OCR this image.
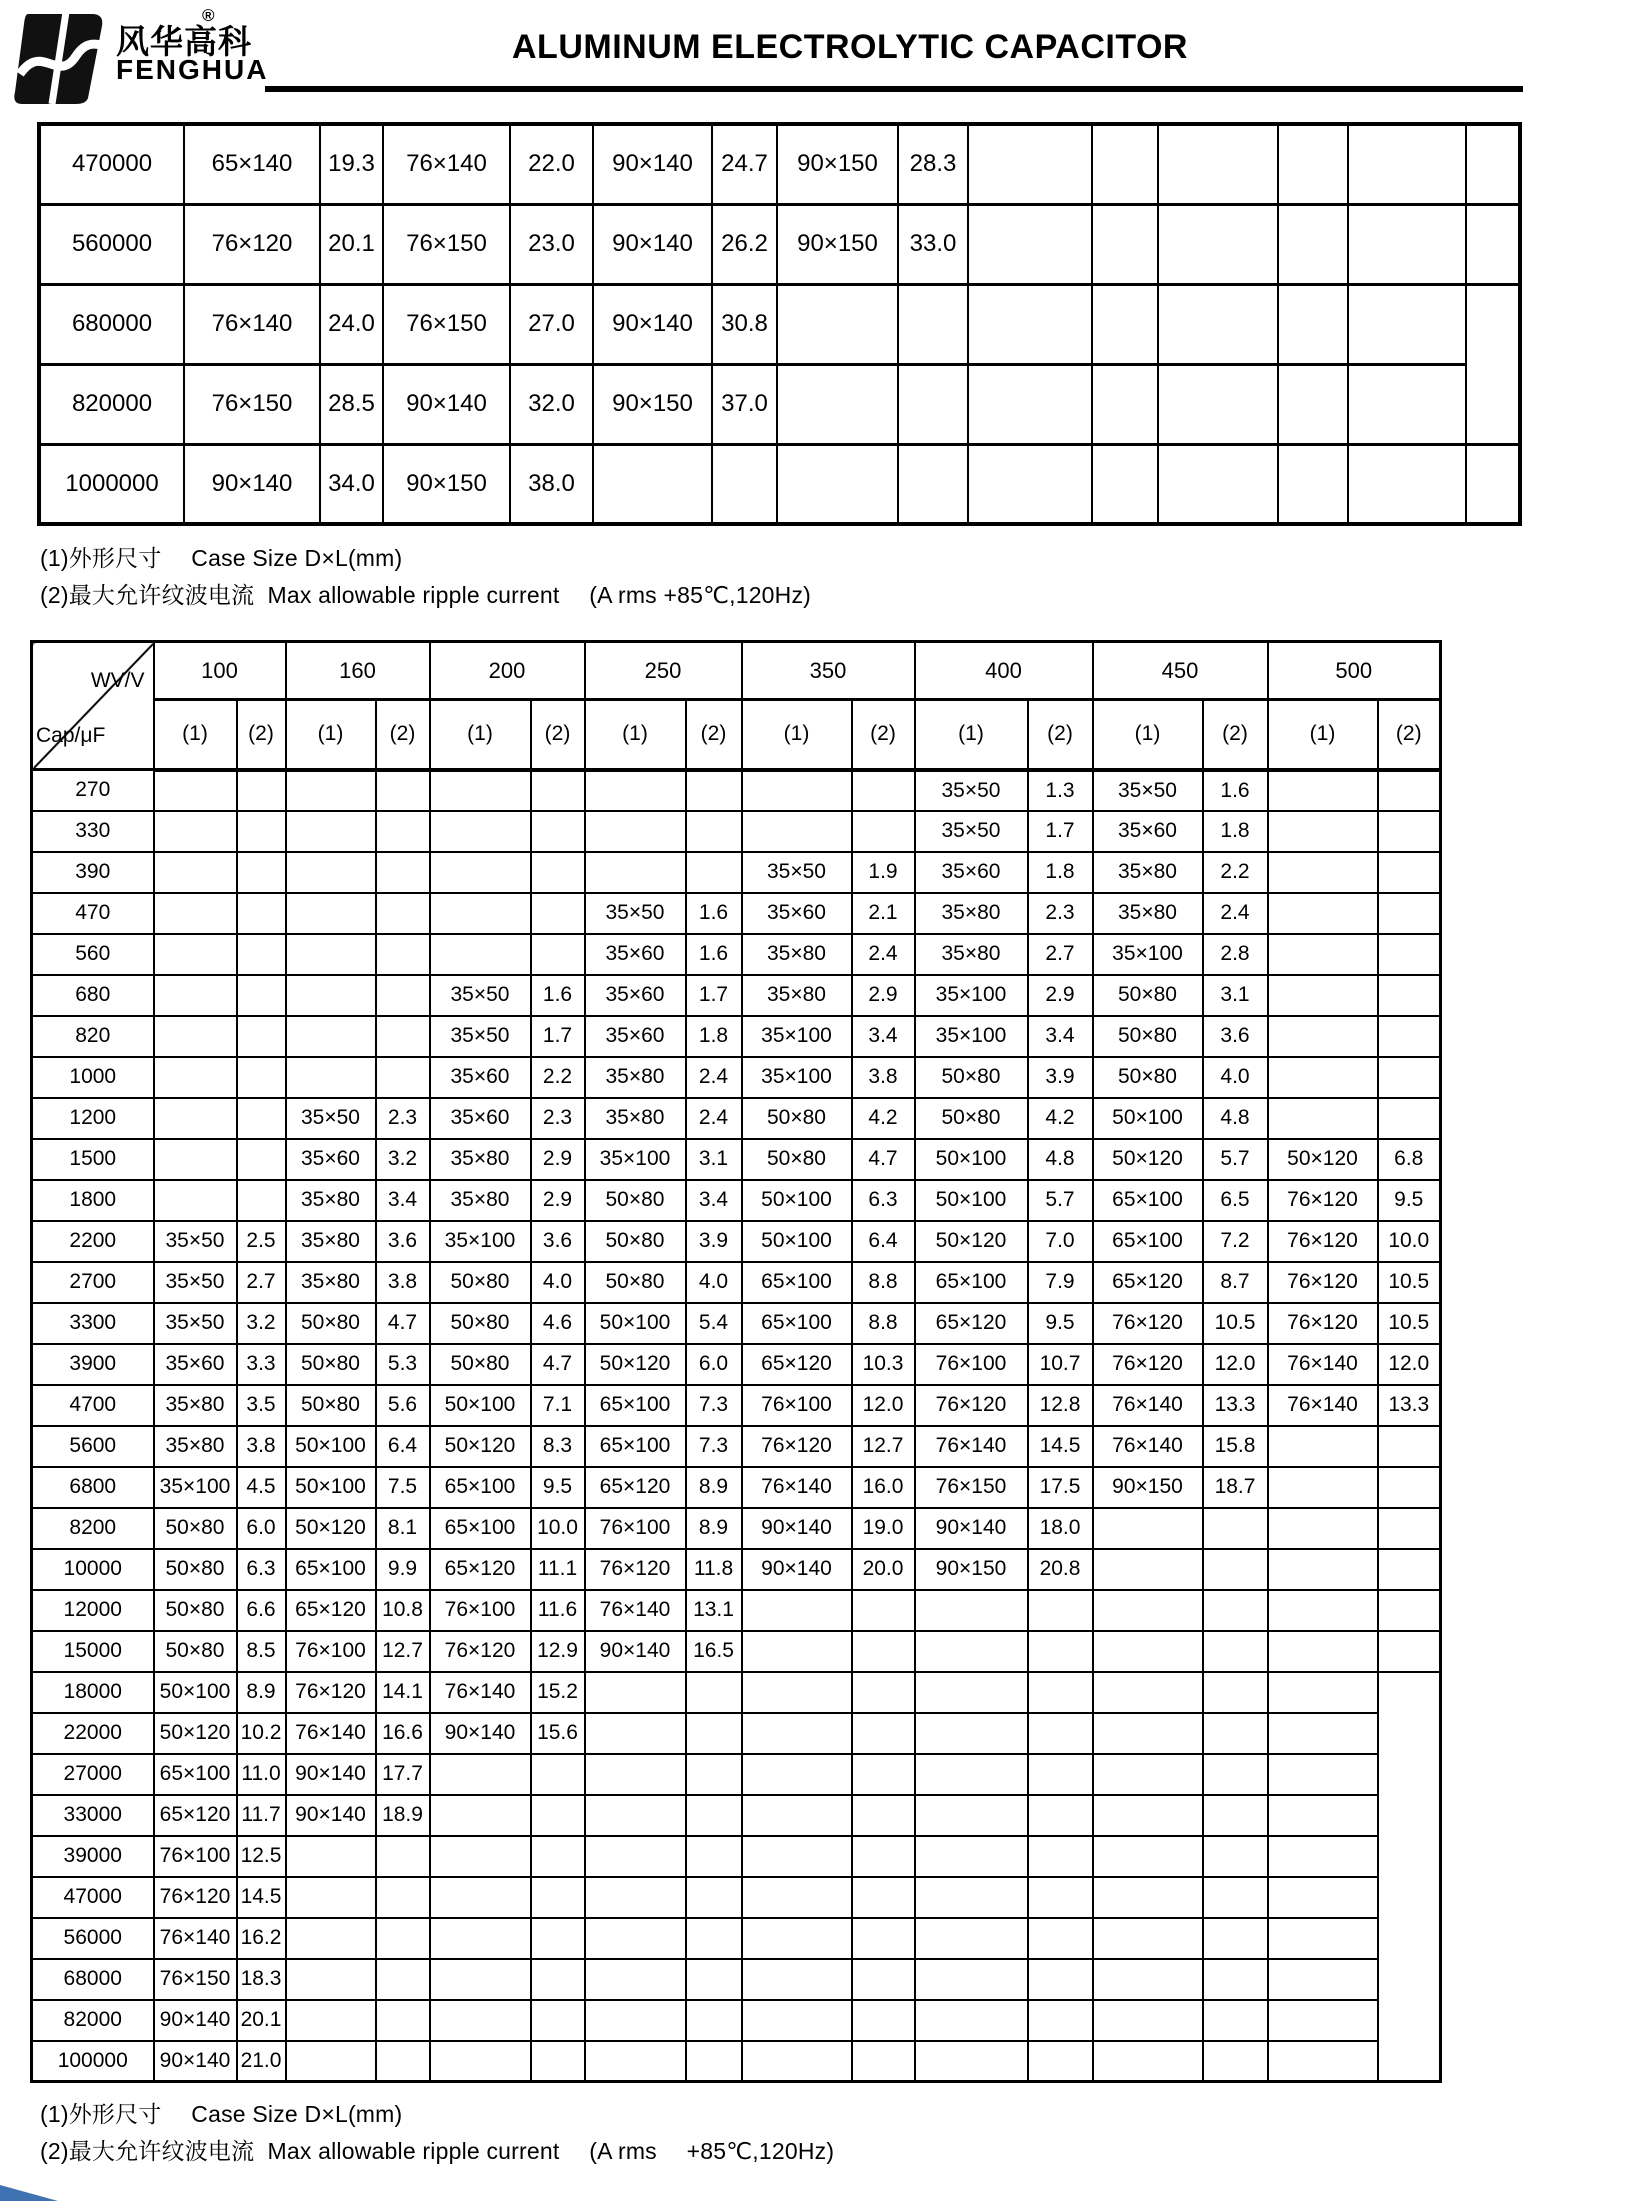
®
风华高科
FENGHUA
ALUMINUM ELECTROLYTIC CAPACITOR
470000	65×140	19.3	76×140	22.0	90×140	24.7	90×150	28.3						
560000	76×120	20.1	76×150	23.0	90×140	26.2	90×150	33.0						
680000	76×140	24.0	76×150	27.0	90×140	30.8								
820000	76×150	28.5	90×140	32.0	90×150	37.0								
1000000	90×140	34.0	90×150	38.0										
(1)外形尺寸　 Case Size D×L(mm)
(2)最大允许纹波电流  Max allowable ripple current 　(A rms +85℃,120Hz)
WV/V
Cap/μF	100		160		200		250		350		400		450		500	
	(1)	(2)	(1)	(2)	(1)	(2)	(1)	(2)	(1)	(2)	(1)	(2)	(1)	(2)	(1)	(2)
270											35×50	1.3	35×50	1.6		
330											35×50	1.7	35×60	1.8		
390									35×50	1.9	35×60	1.8	35×80	2.2		
470							35×50	1.6	35×60	2.1	35×80	2.3	35×80	2.4		
560							35×60	1.6	35×80	2.4	35×80	2.7	35×100	2.8		
680					35×50	1.6	35×60	1.7	35×80	2.9	35×100	2.9	50×80	3.1		
820					35×50	1.7	35×60	1.8	35×100	3.4	35×100	3.4	50×80	3.6		
1000					35×60	2.2	35×80	2.4	35×100	3.8	50×80	3.9	50×80	4.0		
1200			35×50	2.3	35×60	2.3	35×80	2.4	50×80	4.2	50×80	4.2	50×100	4.8		
1500			35×60	3.2	35×80	2.9	35×100	3.1	50×80	4.7	50×100	4.8	50×120	5.7	50×120	6.8
1800			35×80	3.4	35×80	2.9	50×80	3.4	50×100	6.3	50×100	5.7	65×100	6.5	76×120	9.5
2200	35×50	2.5	35×80	3.6	35×100	3.6	50×80	3.9	50×100	6.4	50×120	7.0	65×100	7.2	76×120	10.0
2700	35×50	2.7	35×80	3.8	50×80	4.0	50×80	4.0	65×100	8.8	65×100	7.9	65×120	8.7	76×120	10.5
3300	35×50	3.2	50×80	4.7	50×80	4.6	50×100	5.4	65×100	8.8	65×120	9.5	76×120	10.5	76×120	10.5
3900	35×60	3.3	50×80	5.3	50×80	4.7	50×120	6.0	65×120	10.3	76×100	10.7	76×120	12.0	76×140	12.0
4700	35×80	3.5	50×80	5.6	50×100	7.1	65×100	7.3	76×100	12.0	76×120	12.8	76×140	13.3	76×140	13.3
5600	35×80	3.8	50×100	6.4	50×120	8.3	65×100	7.3	76×120	12.7	76×140	14.5	76×140	15.8		
6800	35×100	4.5	50×100	7.5	65×100	9.5	65×120	8.9	76×140	16.0	76×150	17.5	90×150	18.7		
8200	50×80	6.0	50×120	8.1	65×100	10.0	76×100	8.9	90×140	19.0	90×140	18.0				
10000	50×80	6.3	65×100	9.9	65×120	11.1	76×120	11.8	90×140	20.0	90×150	20.8				
12000	50×80	6.6	65×120	10.8	76×100	11.6	76×140	13.1								
15000	50×80	8.5	76×100	12.7	76×120	12.9	90×140	16.5								
18000	50×100	8.9	76×120	14.1	76×140	15.2										
22000	50×120	10.2	76×140	16.6	90×140	15.6										
27000	65×100	11.0	90×140	17.7												
33000	65×120	11.7	90×140	18.9												
39000	76×100	12.5														
47000	76×120	14.5														
56000	76×140	16.2														
68000	76×150	18.3														
82000	90×140	20.1														
100000	90×140	21.0														
(1)外形尺寸　 Case Size D×L(mm)
(2)最大允许纹波电流  Max allowable ripple current 　(A rms 　+85℃,120Hz)
